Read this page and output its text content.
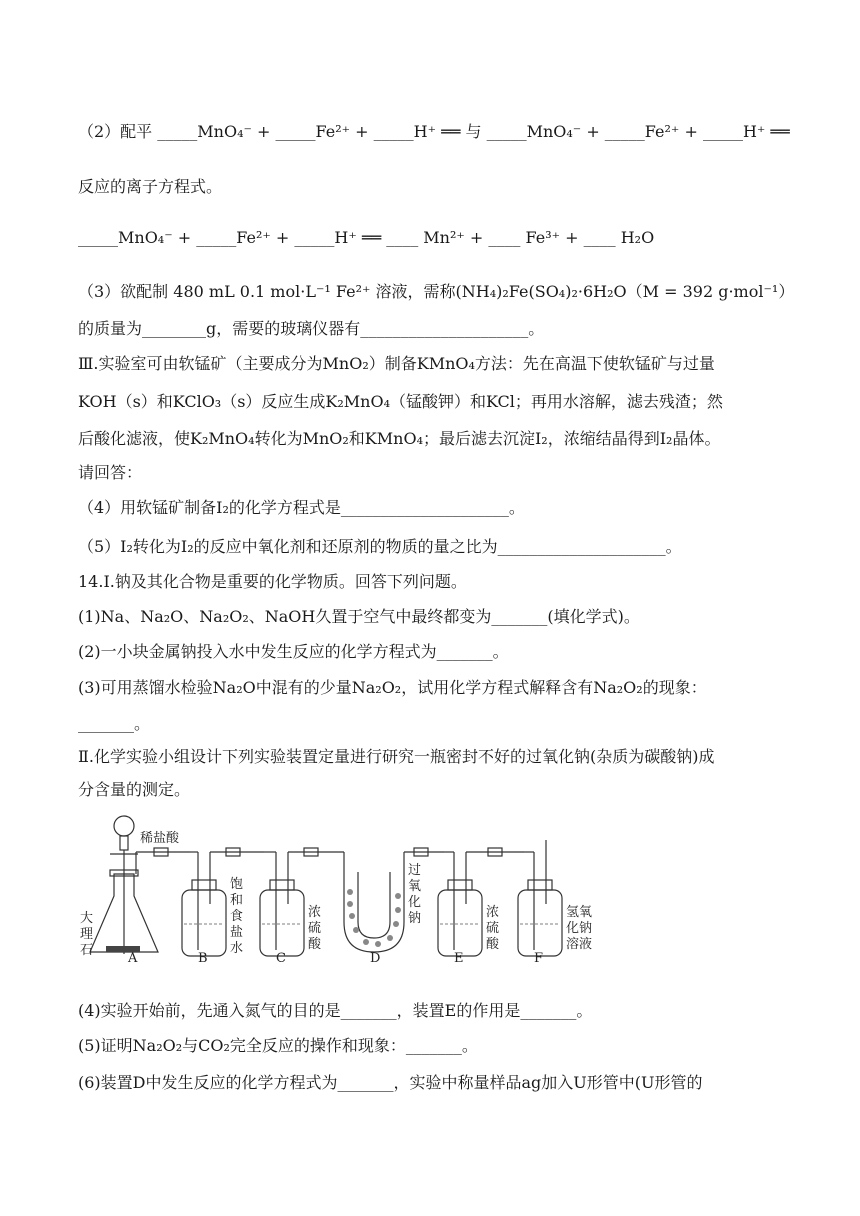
（2）配平 _____MnO₄⁻ + _____Fe²⁺ + _____H⁺ ══ 与 _____MnO₄⁻ + _____Fe²⁺ + _____H⁺ ══
反应的离子方程式。
_____MnO₄⁻ + _____Fe²⁺ + _____H⁺ ══ ____ Mn²⁺ + ____ Fe³⁺ + ____ H₂O
（3）欲配制 480 mL 0.1 mol·L⁻¹ Fe²⁺ 溶液，需称(NH₄)₂Fe(SO₄)₂·6H₂O（M = 392 g·mol⁻¹）
的质量为________g，需要的玻璃仪器有_____________________。
Ⅲ.实验室可由软锰矿（主要成分为MnO₂）制备KMnO₄方法：先在高温下使软锰矿与过量
KOH（s）和KClO₃（s）反应生成K₂MnO₄（锰酸钾）和KCl；再用水溶解，滤去残渣；然
后酸化滤液，使K₂MnO₄转化为MnO₂和KMnO₄；最后滤去沉淀I₂，浓缩结晶得到I₂晶体。
请回答：
（4）用软锰矿制备I₂的化学方程式是_____________________。
（5）I₂转化为I₂的反应中氧化剂和还原剂的物质的量之比为_____________________。
14.Ⅰ.钠及其化合物是重要的化学物质。回答下列问题。
(1)Na、Na₂O、Na₂O₂、NaOH久置于空气中最终都变为_______(填化学式)。
(2)一小块金属钠投入水中发生反应的化学方程式为_______。
(3)可用蒸馏水检验Na₂O中混有的少量Na₂O₂，试用化学方程式解释含有Na₂O₂的现象：
_______。
Ⅱ.化学实验小组设计下列实验装置定量进行研究一瓶密封不好的过氧化钠(杂质为碳酸钠)成
分含量的测定。
稀盐酸
大
理
石
饱
和
食
盐
水
浓
硫
酸
过
氧
化
钠	浓
硫
酸
氢氧
化钠
溶液
A	B	C	D	E	F
(4)实验开始前，先通入氮气的目的是_______，装置E的作用是_______。
(5)证明Na₂O₂与CO₂完全反应的操作和现象：_______。
(6)装置D中发生反应的化学方程式为_______，实验中称量样品ag加入U形管中(U形管的
